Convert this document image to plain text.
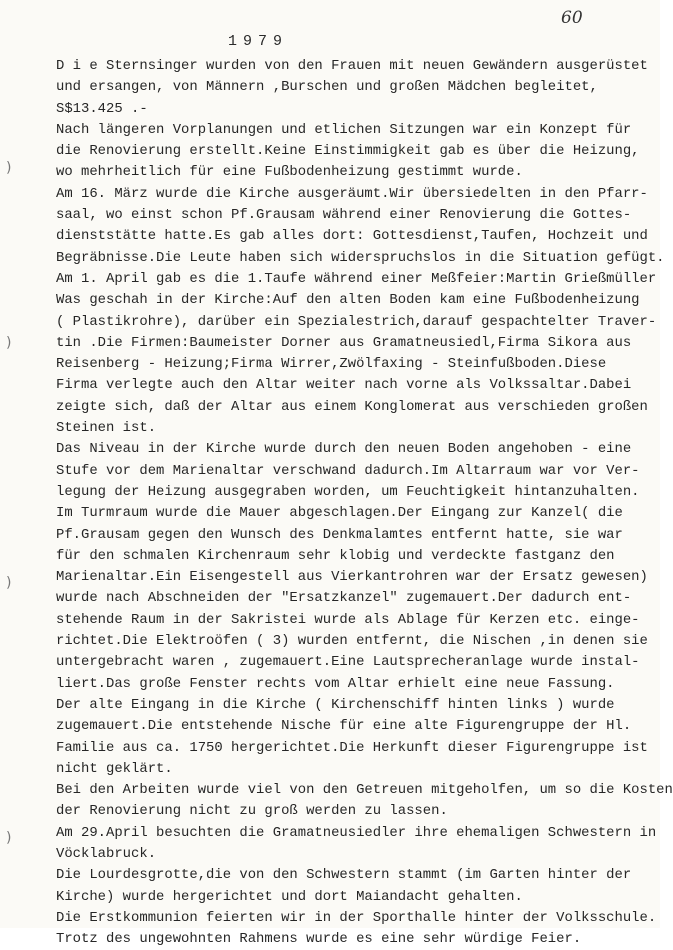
60
1979
)
)
)
)
D i e Sternsinger wurden von den Frauen mit neuen Gewändern ausgerüstet
und ersangen, von Männern ,Burschen und großen Mädchen begleitet,
S$13.425 .-
Nach längeren Vorplanungen und etlichen Sitzungen war ein Konzept für
die Renovierung erstellt.Keine Einstimmigkeit gab es über die Heizung,
wo mehrheitlich für eine Fußbodenheizung gestimmt wurde.
Am 16. März wurde die Kirche ausgeräumt.Wir übersiedelten in den Pfarr-
saal, wo einst schon Pf.Grausam während einer Renovierung die Gottes-
dienststätte hatte.Es gab alles dort: Gottesdienst,Taufen, Hochzeit und
Begräbnisse.Die Leute haben sich widerspruchslos in die Situation gefügt.
Am 1. April gab es die 1.Taufe während einer Meßfeier:Martin Grießmüller
Was geschah in der Kirche:Auf den alten Boden kam eine Fußbodenheizung
( Plastikrohre), darüber ein Spezialestrich,darauf gespachtelter Traver-
tin .Die Firmen:Baumeister Dorner aus Gramatneusiedl,Firma Sikora aus
Reisenberg - Heizung;Firma Wirrer,Zwölfaxing - Steinfußboden.Diese
Firma verlegte auch den Altar weiter nach vorne als Volkssaltar.Dabei
zeigte sich, daß der Altar aus einem Konglomerat aus verschieden großen
Steinen ist.
Das Niveau in der Kirche wurde durch den neuen Boden angehoben - eine
Stufe vor dem Marienaltar verschwand dadurch.Im Altarraum war vor Ver-
legung der Heizung ausgegraben worden, um Feuchtigkeit hintanzuhalten.
Im Turmraum wurde die Mauer abgeschlagen.Der Eingang zur Kanzel( die
Pf.Grausam gegen den Wunsch des Denkmalamtes entfernt hatte, sie war
für den schmalen Kirchenraum sehr klobig und verdeckte fastganz den
Marienaltar.Ein Eisengestell aus Vierkantrohren war der Ersatz gewesen)
wurde nach Abschneiden der "Ersatzkanzel" zugemauert.Der dadurch ent-
stehende Raum in der Sakristei wurde als Ablage für Kerzen etc. einge-
richtet.Die Elektroöfen ( 3) wurden entfernt, die Nischen ,in denen sie
untergebracht waren , zugemauert.Eine Lautsprecheranlage wurde instal-
liert.Das große Fenster rechts vom Altar erhielt eine neue Fassung.
Der alte Eingang in die Kirche ( Kirchenschiff hinten links ) wurde
zugemauert.Die entstehende Nische für eine alte Figurengruppe der Hl.
Familie aus ca. 1750 hergerichtet.Die Herkunft dieser Figurengruppe ist
nicht geklärt.
Bei den Arbeiten wurde viel von den Getreuen mitgeholfen, um so die Kosten
der Renovierung nicht zu groß werden zu lassen.
Am 29.April besuchten die Gramatneusiedler ihre ehemaligen Schwestern in
Vöcklabruck.
Die Lourdesgrotte,die von den Schwestern stammt (im Garten hinter der
Kirche) wurde hergerichtet und dort Maiandacht gehalten.
Die Erstkommunion feierten wir in der Sporthalle hinter der Volksschule.
Trotz des ungewohnten Rahmens wurde es eine sehr würdige Feier.
